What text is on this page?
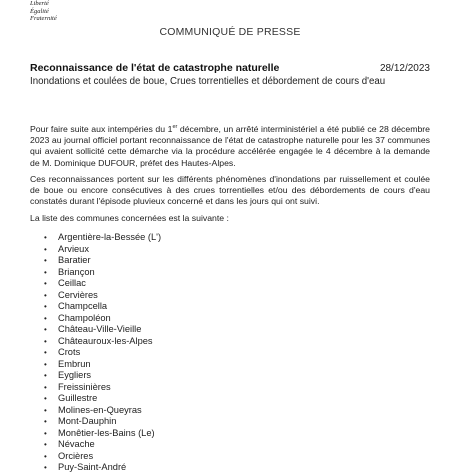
Liberté
Égalité
Fraternité
COMMUNIQUÉ DE PRESSE
Reconnaissance de l'état de catastrophe naturelle	28/12/2023
Inondations et coulées de boue, Crues torrentielles et débordement de cours d'eau

Pour faire suite aux intempéries du 1er décembre, un arrêté interministériel a été publié ce 28 décembre 2023 au journal officiel portant reconnaissance de l'état de catastrophe naturelle pour les 37 communes qui avaient sollicité cette démarche via la procédure accélérée engagée le 4 décembre à la demande de M. Dominique DUFOUR, préfet des Hautes-Alpes.

Ces reconnaissances portent sur les différents phénomènes d'inondations par ruissellement et coulée de boue ou encore consécutives à des crues torrentielles et/ou des débordements de cours d'eau constatés durant l'épisode pluvieux concerné et dans les jours qui ont suivi.

La liste des communes concernées est la suivante :

•	Argentière-la-Bessée (L')
•	Arvieux
•	Baratier
•	Briançon
•	Ceillac
•	Cervières
•	Champcella
•	Champoléon
•	Château-Ville-Vieille
•	Châteauroux-les-Alpes
•	Crots
•	Embrun
•	Eygliers
•	Freissinières
•	Guillestre
•	Molines-en-Queyras
•	Mont-Dauphin
•	Monêtier-les-Bains (Le)
•	Névache
•	Orcières
•	Puy-Saint-André
